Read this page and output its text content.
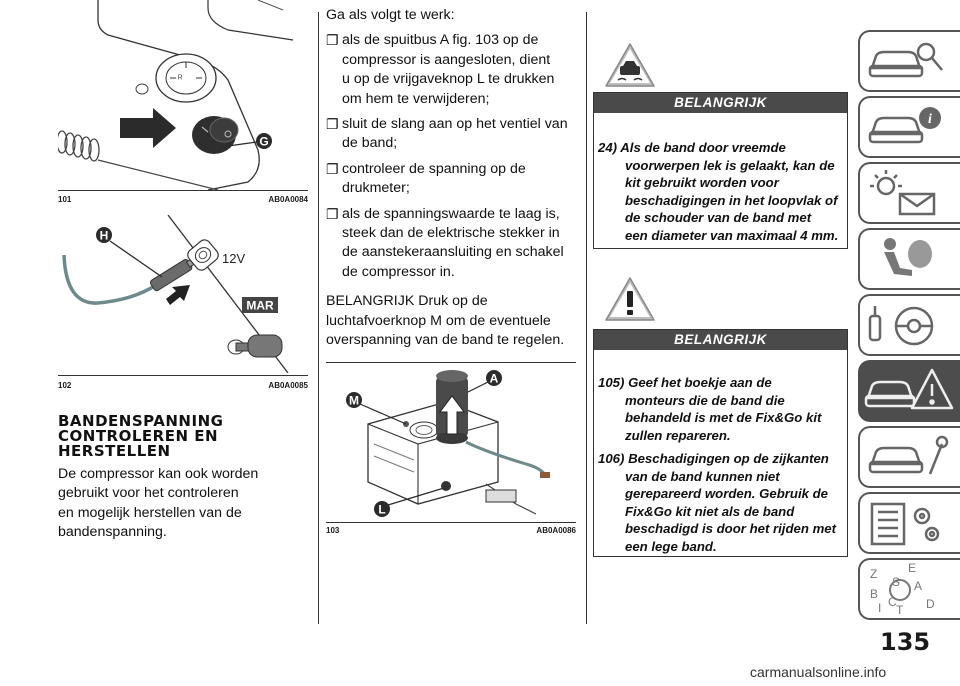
ᴿ
G
101	AB0A0084
12V
MAR
H
102	AB0A0085
BANDENSPANNING
CONTROLEREN EN
HERSTELLEN
De compressor kan ook worden
gebruikt voor het controleren
en mogelijk herstellen van de
bandenspanning.
Ga als volgt te werk:
❐ als de spuitbus A fig. 103 op de
compressor is aangesloten, dient
u op de vrijgaveknop L te drukken
om hem te verwijderen;
❐ sluit de slang aan op het ventiel van
de band;
❐ controleer de spanning op de
drukmeter;
❐ als de spanningswaarde te laag is,
steek dan de elektrische stekker in
de aanstekeraansluiting en schakel
de compressor in.
BELANGRIJK Druk op de
luchtafvoerknop M om de eventuele
overspanning van de band te regelen.
A
M
L
103	AB0A0086
BELANGRIJK
24) Als de band door vreemde
voorwerpen lek is gelaakt, kan de
kit gebruikt worden voor
beschadigingen in het loopvlak of
de schouder van de band met
een diameter van maximaal 4 mm.
BELANGRIJK
105) Geef het boekje aan de
monteurs die de band die
behandeld is met de Fix&Go kit
zullen repareren.
106) Beschadigingen op de zijkanten
van de band kunnen niet
gerepareerd worden. Gebruik de
Fix&Go kit niet als de band
beschadigd is door het rijden met
een lege band.
i
Z	E
S A
B
C
T D
I
135
carmanualsonline.info
